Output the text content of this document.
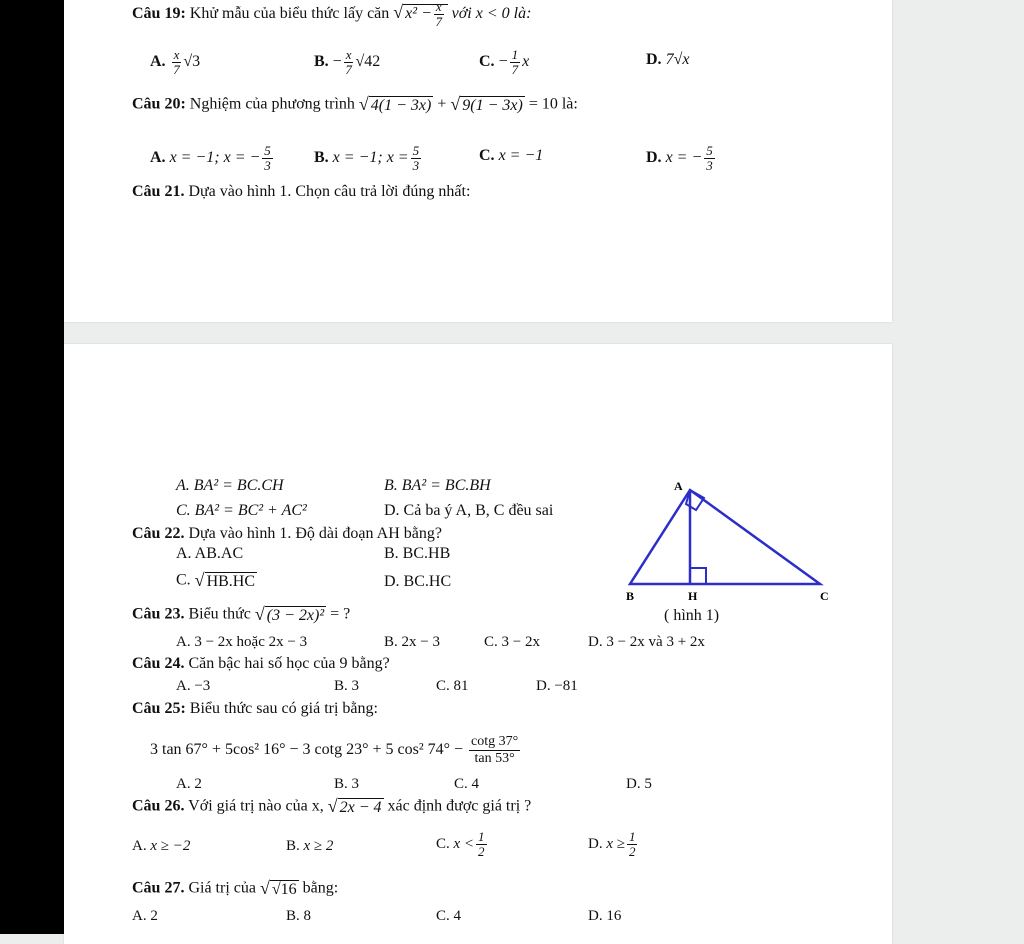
Câu 19: Khử mẫu của biểu thức lấy căn √ $x^2 - \frac{x}{7}$ với x < 0 là:
A. $\frac{x}{7} √3$	B. − $\frac{x}{7} √42$	C. − $\frac{1}{7}$ x	D. 7√x
Câu 20: Nghiệm của phương trình √ 4(1 − 3x) + √ 9(1 − 3x) = 10 là:
A. x = −1; x = − $\frac{5}{3}$	B. x = −1; $x = \frac{5}{3}$	C. x = −1	D. x = − $\frac{5}{3}$
Câu 21. Dựa vào hình 1. Chọn câu trả lời đúng nhất:
A. BA² = BC.CH	B. BA² = BC.BH
C. BA² = BC² + AC²	D. Cả ba ý A, B, C đều sai
Câu 22. Dựa vào hình 1. Độ dài đoạn AH bằng?
A. AB.AC	B. BC.HB
C. √ HB.HC	D. BC.HC
A
B	H	C
Câu 23. Biểu thức √ (3 − 2x)² = ?	( hình 1)
A. 3 − 2x hoặc 2x − 3	B. 2x − 3	C. 3 − 2x	D. 3 − 2x và 3 + 2x
Câu 24. Căn bậc hai số học của 9 bằng?
A. −3	B. 3	C. 81	D. −81
Câu 25: Biểu thức sau có giá trị bằng:
3 tan 67° + 5cos² 16° − 3 cotg 23° + 5 cos² $74^\circ - \frac{\cot g 37^\circ}{\tan 53^\circ}$
A. 2	B. 3	C. 4	D. 5
Câu 26. Với giá trị nào của x, √ 2x − 4 xác định được giá trị ?
A. x ≥ −2	B. x ≥ 2	C. $x < \frac{1}{2}$	D. $x \ge \frac{1}{2}$
Câu 27. Giá trị của √ √16 bằng:
A. 2	B. 8	C. 4	D. 16
